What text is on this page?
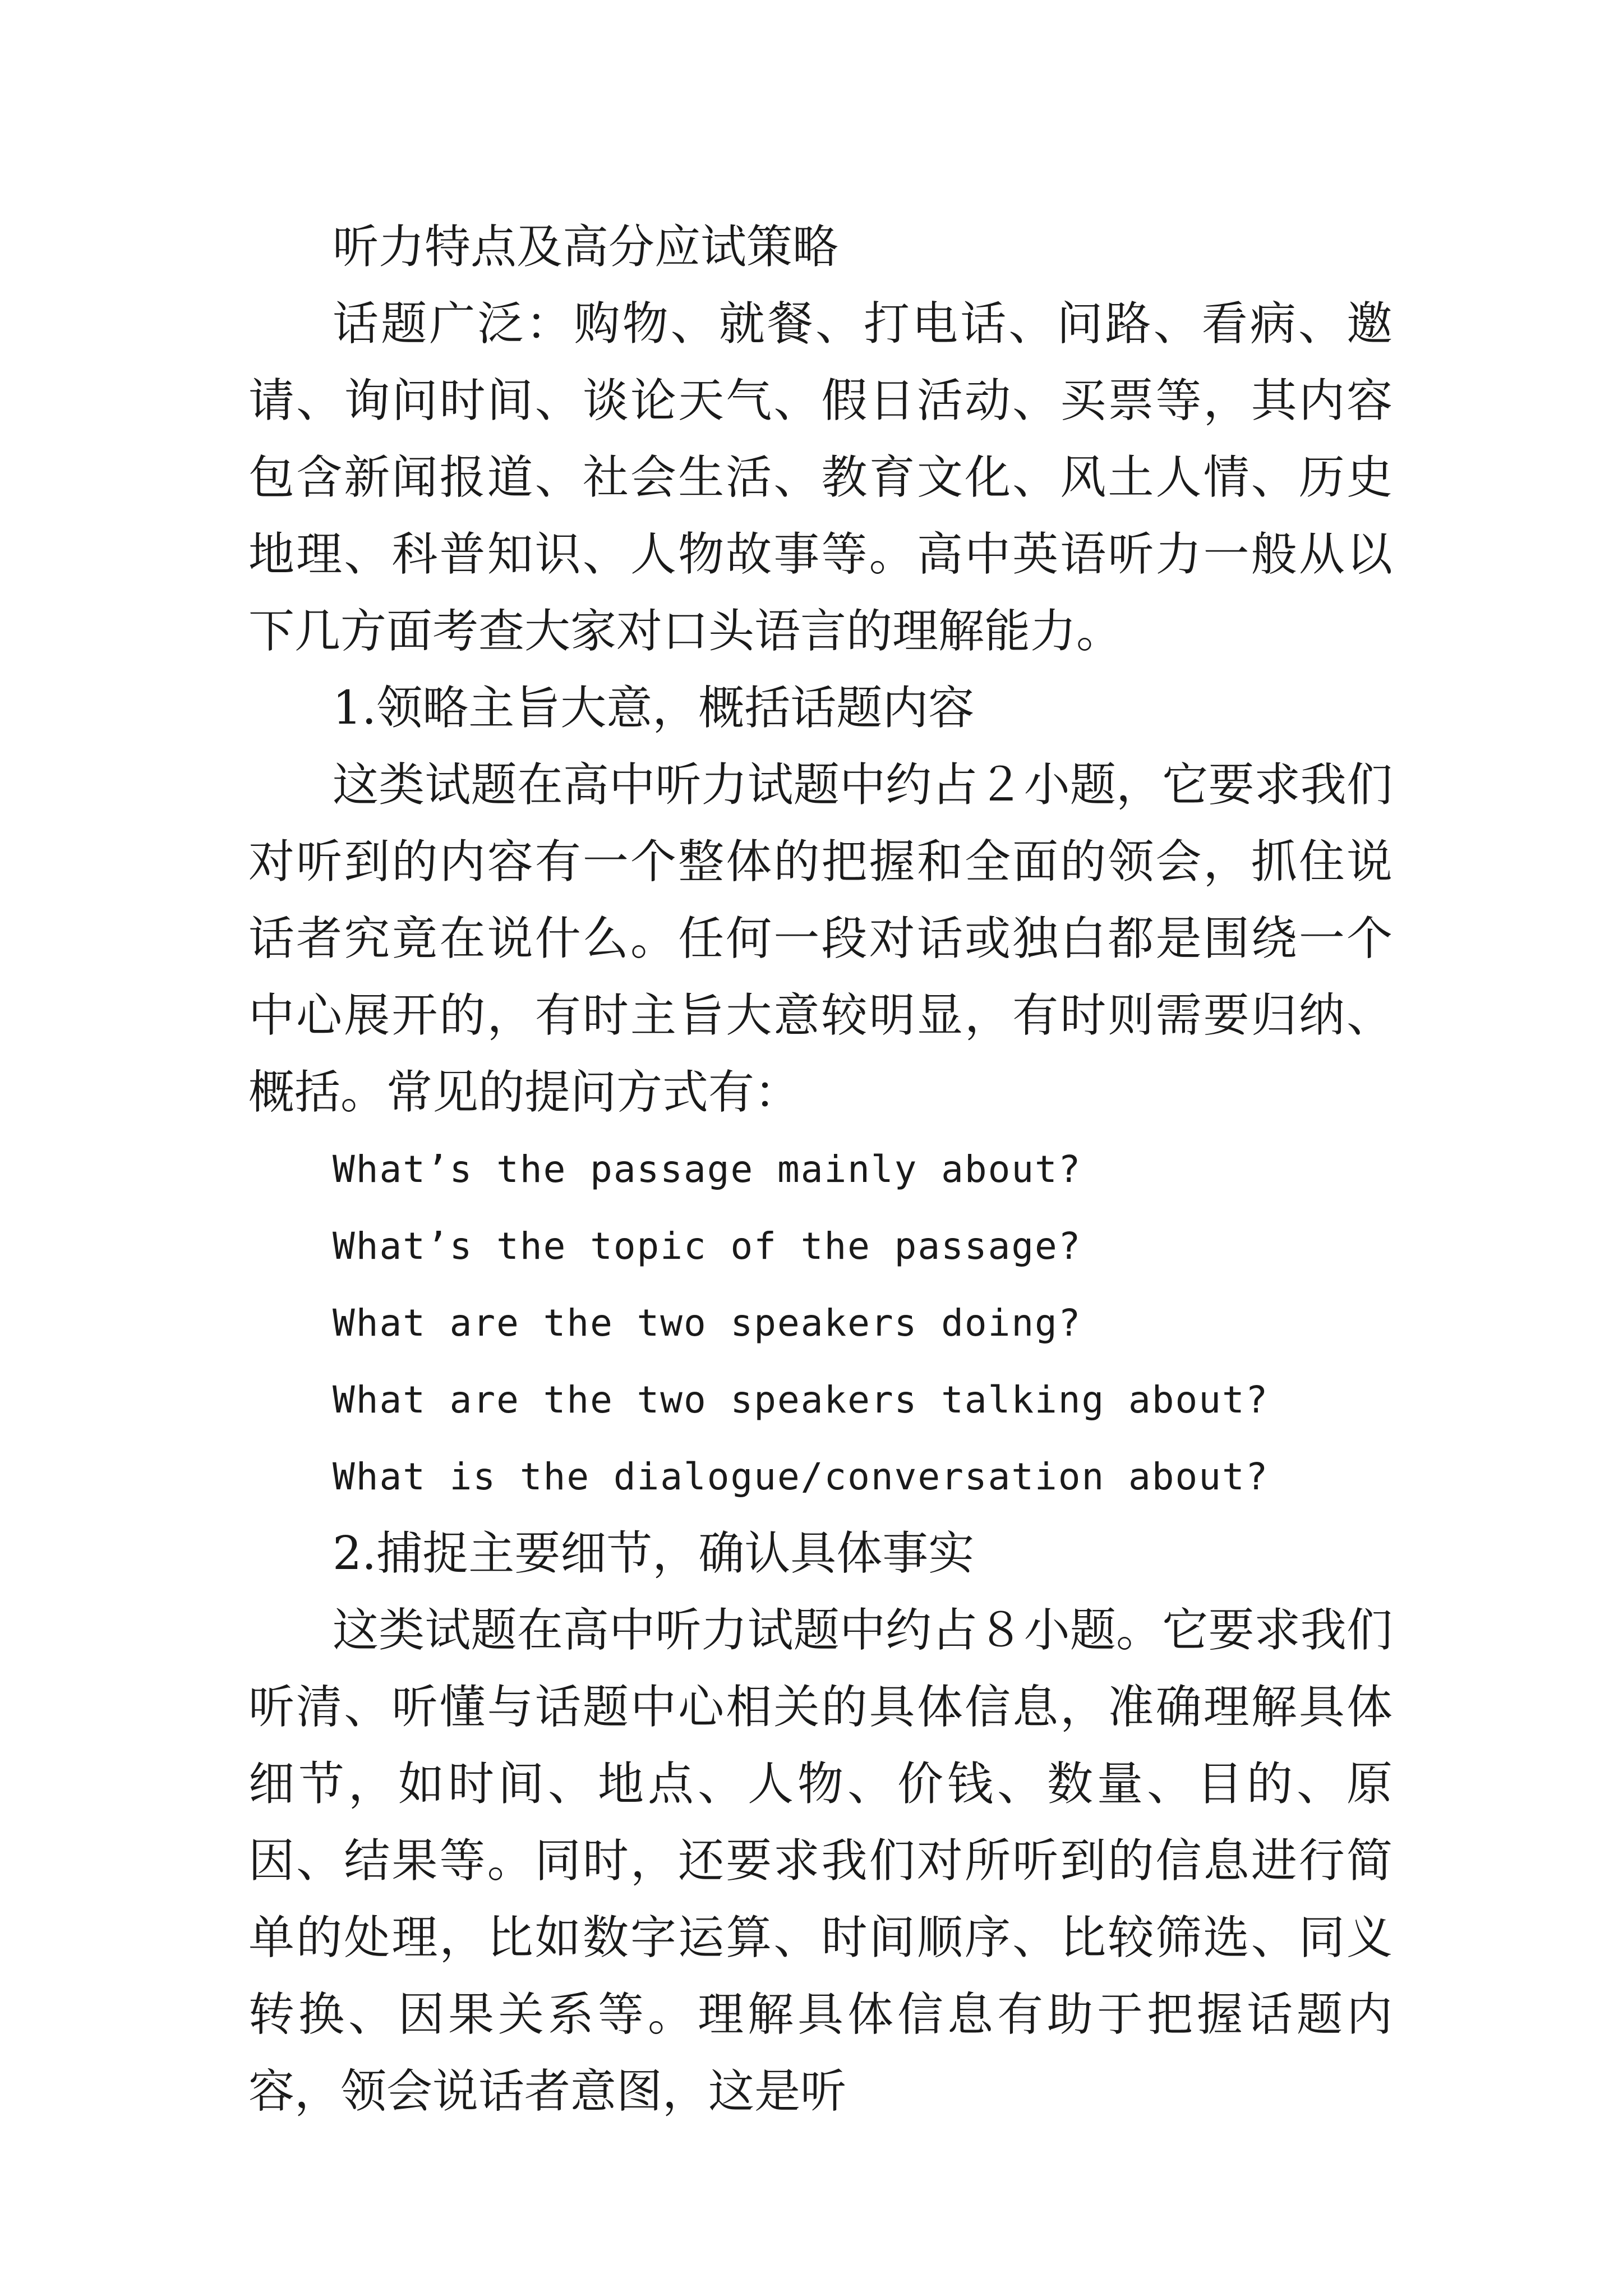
听力特点及高分应试策略

话题广泛：购物、就餐、打电话、问路、看病、邀请、询问时间、谈论天气、假日活动、买票等，其内容包含新闻报道、社会生活、教育文化、风土人情、历史地理、科普知识、人物故事等。高中英语听力一般从以下几方面考查大家对口头语言的理解能力。

1.领略主旨大意，概括话题内容

这类试题在高中听力试题中约占２小题，它要求我们对听到的内容有一个整体的把握和全面的领会，抓住说话者究竟在说什么。任何一段对话或独白都是围绕一个中心展开的，有时主旨大意较明显，有时则需要归纳、概括。常见的提问方式有：

What’s the passage mainly about?

What’s the topic of the passage?

What are the two speakers doing?

What are the two speakers talking about?

What is the dialogue/conversation about?

2.捕捉主要细节，确认具体事实

这类试题在高中听力试题中约占８小题。它要求我们听清、听懂与话题中心相关的具体信息，准确理解具体细节，如时间、地点、人物、价钱、数量、目的、原因、结果等。同时，还要求我们对所听到的信息进行简单的处理，比如数字运算、时间顺序、比较筛选、同义转换、因果关系等。理解具体信息有助于把握话题内容，领会说话者意图，这是听
